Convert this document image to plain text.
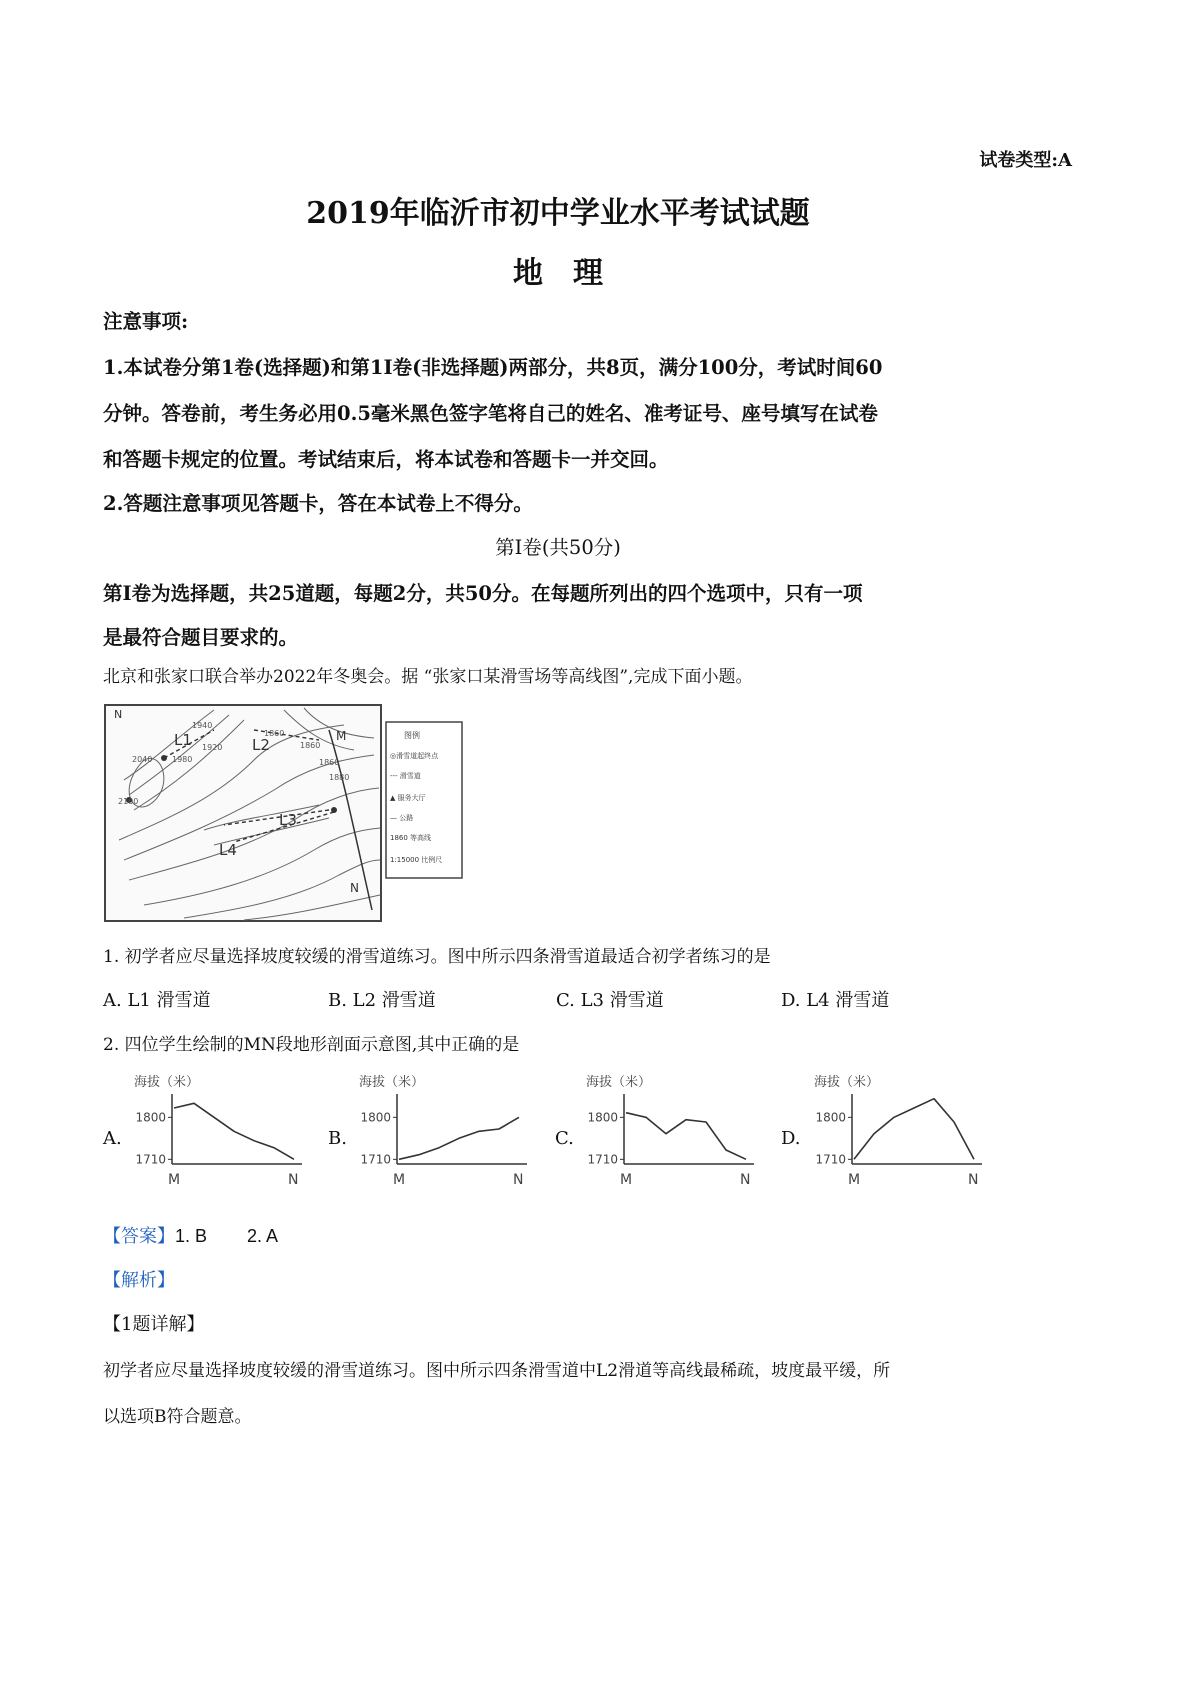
试卷类型:A
2019年临沂市初中学业水平考试试题
地　理
注意事项:
1.本试卷分第1卷(选择题)和第1I卷(非选择题)两部分，共8页，满分100分，考试时间60
分钟。答卷前，考生务必用0.5毫米黑色签字笔将自己的姓名、准考证号、座号填写在试卷
和答题卡规定的位置。考试结束后，将本试卷和答题卡一并交回。
2.答题注意事项见答题卡，答在本试卷上不得分。
第Ⅰ卷(共50分)
第Ⅰ卷为选择题，共25道题，每题2分，共50分。在每题所列出的四个选项中，只有一项
是最符合题目要求的。
北京和张家口联合举办2022年冬奥会。据 “张家口某滑雪场等高线图”,完成下面小题。
N
L1	L2
L3
L4
M
N
1940
1860
1860
1920
1980
2040
1880
1860
2100
图例
◎滑雪道起终点
--- 滑雪道
▲ 服务大厅
— 公路
1860 等高线
1:15000 比例尺
1. 初学者应尽量选择坡度较缓的滑雪道练习。图中所示四条滑雪道最适合初学者练习的是
A. L1 滑雪道	B. L2 滑雪道	C. L3 滑雪道	D. L4 滑雪道
2. 四位学生绘制的MN段地形剖面示意图,其中正确的是
A.	B.	C.	D.
海拔（米）
1710
1800
M	N
海拔（米）
1710
1800
M	N
海拔（米）
1710
1800
M	N
海拔（米）
1710
1800
M	N
【答案】1. B 2. A
【解析】
【1题详解】
初学者应尽量选择坡度较缓的滑雪道练习。图中所示四条滑雪道中L2滑道等高线最稀疏，坡度最平缓，所
以选项B符合题意。
